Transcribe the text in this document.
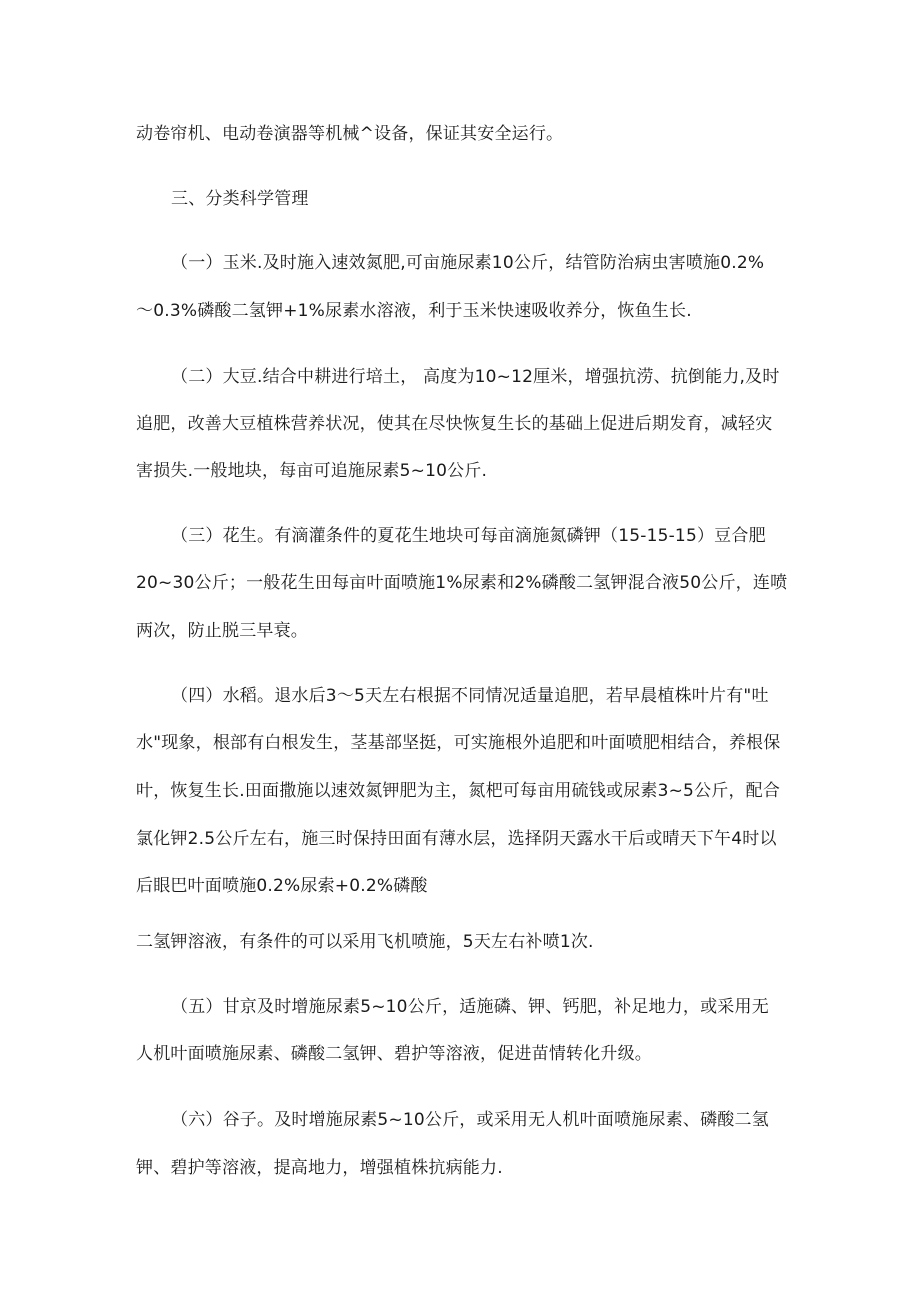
动卷帘机、电动卷演器等机械^设备，保证其安全运行。
三、分类科学管理
（一）玉米.及时施入速效氮肥,可亩施尿素10公斤，结管防治病虫害喷施0.2%
～0.3%磷酸二氢钾+1%尿素水溶液，利于玉米快速吸收养分，恢鱼生长.
（二）大豆.结合中耕进行培土， 高度为10~12厘米，增强抗涝、抗倒能力,及时
追肥，改善大豆植株营养状况，使其在尽快恢复生长的基础上促进后期发育，减轻灾
害损失.一般地块，每亩可追施尿素5~10公斤.
（三）花生。有滴灌条件的夏花生地块可每亩滴施氮磷钾（15-15-15）豆合肥
20~30公斤；一般花生田每亩叶面喷施1%尿素和2%磷酸二氢钾混合液50公斤，连喷
两次，防止脱三早衰。
（四）水稻。退水后3～5天左右根据不同情况适量追肥，若早晨植株叶片有"吐
水"现象，根部有白根发生，茎基部坚挺，可实施根外追肥和叶面喷肥相结合，养根保
叶，恢复生长.田面撒施以速效氮钾肥为主，氮杷可每亩用硫钱或尿素3~5公斤，配合
氯化钾2.5公斤左右，施三时保持田面有薄水层，选择阴天露水干后或晴天下午4时以
后眼巴叶面喷施0.2%尿索+0.2%磷酸
二氢钾溶液，有条件的可以采用飞机喷施，5天左右补喷1次.
（五）甘京及时增施尿素5~10公斤，适施磷、钾、钙肥，补足地力，或采用无
人机叶面喷施尿素、磷酸二氢钾、碧护等溶液，促进苗情转化升级。
（六）谷子。及时增施尿素5~10公斤，或采用无人机叶面喷施尿素、磷酸二氢
钾、碧护等溶液，提高地力，增强植株抗病能力.
